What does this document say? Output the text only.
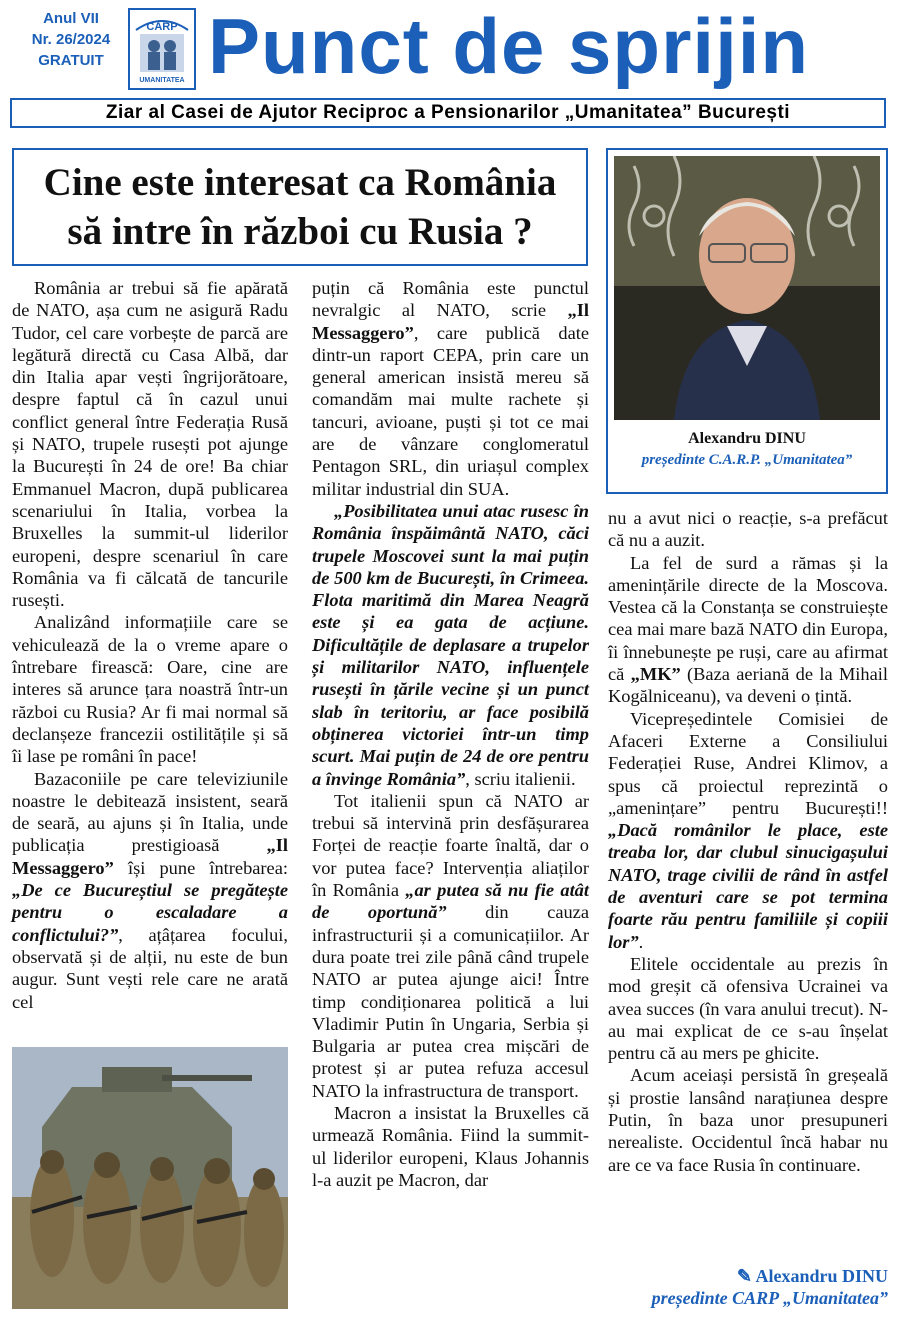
Anul VII
Nr. 26/2024
GRATUIT
CARP
UMANITATEA Punct de sprijin
Ziar al Casei de Ajutor Reciproc a Pensionarilor „Umanitatea” București
Cine este interesat ca România
să intre în război cu Rusia ?
Alexandru DINU
președinte C.A.R.P. „Umanitatea”

România ar trebui să fie apărată de NATO, așa cum ne asigură Radu Tudor, cel care vorbește de parcă are legătură directă cu Casa Albă, dar din Italia apar vești îngrijorătoare, despre faptul că în cazul unui conflict general între Federația Rusă și NATO, trupele rusești pot ajunge la București în 24 de ore! Ba chiar Emmanuel Macron, după publicarea scenariului în Italia, vorbea la Bruxelles la summit-ul liderilor europeni, despre scenariul în care România va fi călcată de tancurile rusești.

Analizând informațiile care se vehiculează de la o vreme apare o întrebare firească: Oare, cine are interes să arunce țara noastră într-un război cu Rusia? Ar fi mai normal să declanșeze francezii ostilitățile și să îi lase pe români în pace!

Bazaconiile pe care televiziunile noastre le debitează insistent, seară de seară, au ajuns și în Italia, unde publicația prestigioasă „Il Messaggero” își pune întrebarea: „De ce Bucureștiul se pregătește pentru o escaladare a conflictului?”, ațâțarea focului, observată și de alții, nu este de bun augur. Sunt vești rele care ne arată cel

puțin că România este punctul nevralgic al NATO, scrie „Il Messaggero”, care publică date dintr-un raport CEPA, prin care un general american insistă mereu să comandăm mai multe rachete și tancuri, avioane, puști și tot ce mai are de vânzare conglomeratul Pentagon SRL, din uriașul complex militar industrial din SUA.

„Posibilitatea unui atac rusesc în România înspăimântă NATO, căci trupele Moscovei sunt la mai puțin de 500 km de București, în Crimeea. Flota maritimă din Marea Neagră este și ea gata de acțiune. Dificultățile de deplasare a trupelor și militarilor NATO, influențele rusești în țările vecine și un punct slab în teritoriu, ar face posibilă obținerea victoriei într-un timp scurt. Mai puțin de 24 de ore pentru a învinge România”, scriu italienii.

Tot italienii spun că NATO ar trebui să intervină prin desfășurarea Forței de reacție foarte înaltă, dar o vor putea face? Intervenția aliaților în România „ar putea să nu fie atât de oportună” din cauza infrastructurii și a comunicațiilor. Ar dura poate trei zile până când trupele NATO ar putea ajunge aici! Între timp condiționarea politică a lui Vladimir Putin în Ungaria, Serbia și Bulgaria ar putea crea mișcări de protest și ar putea refuza accesul NATO la infrastructura de transport.

Macron a insistat la Bruxelles că urmează România. Fiind la summit-ul liderilor europeni, Klaus Johannis l-a auzit pe Macron, dar

nu a avut nici o reacție, s-a prefăcut că nu a auzit.

La fel de surd a rămas și la amenințările directe de la Moscova. Vestea că la Constanța se construiește cea mai mare bază NATO din Europa, îi înnebunește pe ruși, care au afirmat că „MK” (Baza aeriană de la Mihail Kogălniceanu), va deveni o țintă.

Vicepreședintele Comisiei de Afaceri Externe a Consiliului Federației Ruse, Andrei Klimov, a spus că proiectul reprezintă o „amenințare” pentru București!! „Dacă românilor le place, este treaba lor, dar clubul sinucigașului NATO, trage civilii de rând în astfel de aventuri care se pot termina foarte rău pentru familiile și copiii lor”.

Elitele occidentale au prezis în mod greșit că ofensiva Ucrainei va avea succes (în vara anului trecut). N-au mai explicat de ce s-au înșelat pentru că au mers pe ghicite.

Acum aceiași persistă în greșeală și prostie lansând narațiunea despre Putin, în baza unor presupuneri nerealiste. Occidentul încă habar nu are ce va face Rusia în continuare.

✎ Alexandru DINU
președinte CARP „Umanitatea”
